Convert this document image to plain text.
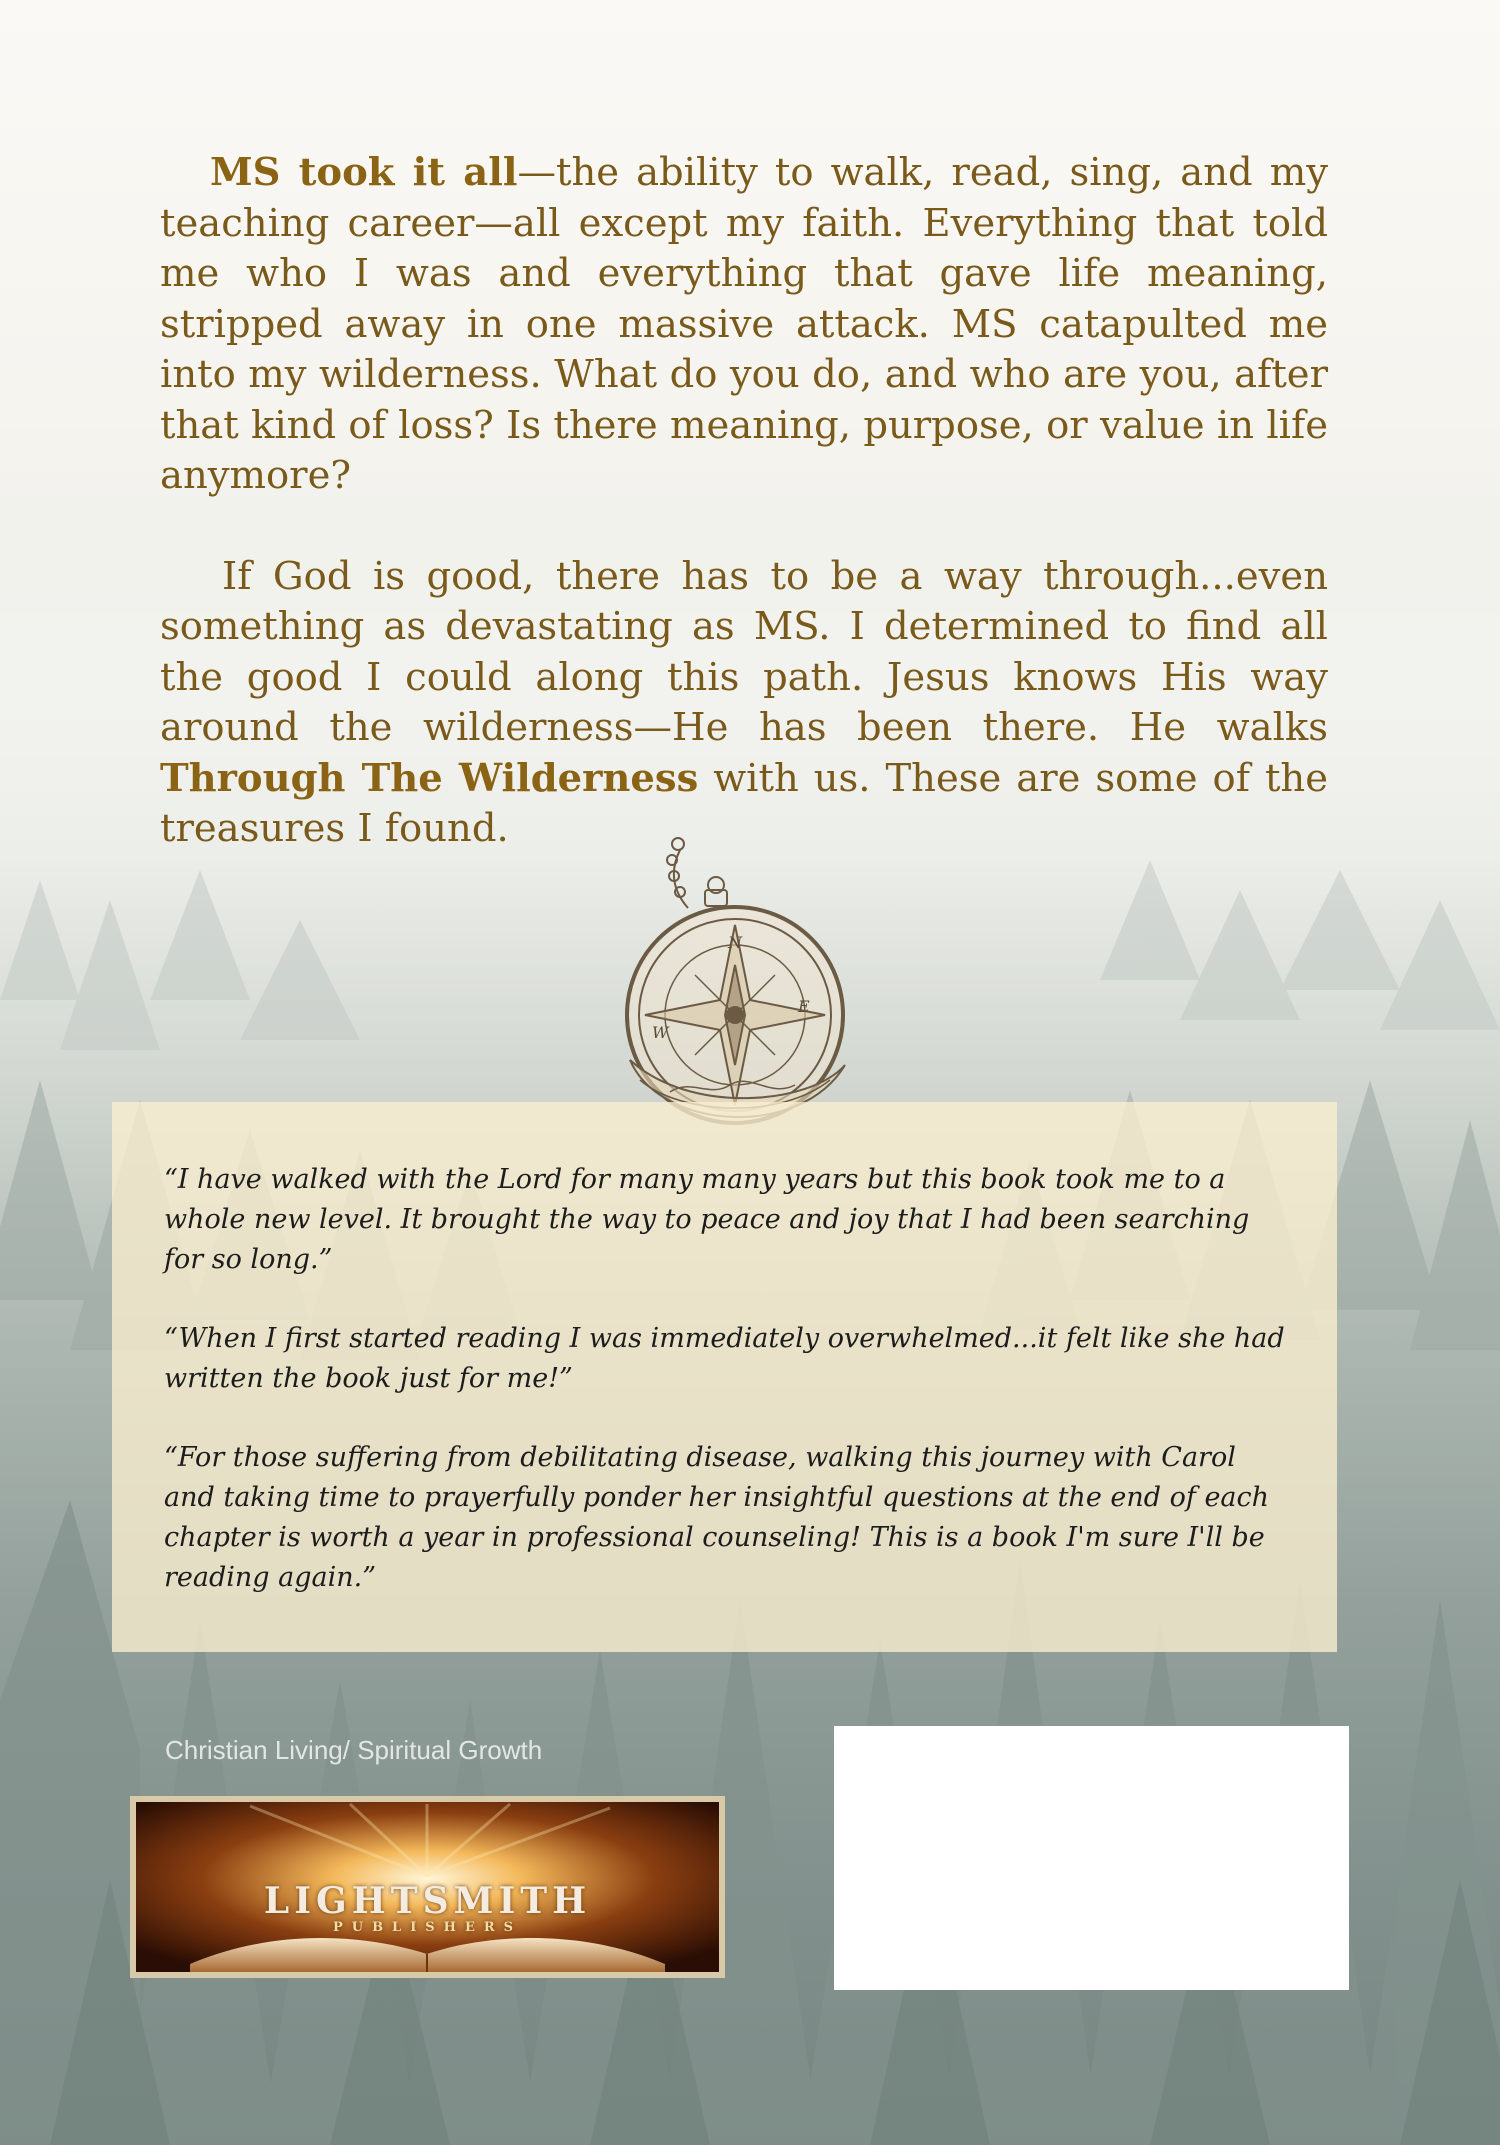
MS took it all—the ability to walk, read, sing, and my teaching career—all except my faith. Everything that told me who I was and everything that gave life meaning, stripped away in one massive attack. MS catapulted me into my wilderness. What do you do, and who are you, after that kind of loss? Is there meaning, purpose, or value in life anymore?

If God is good, there has to be a way through...even something as devastating as MS. I determined to find all the good I could along this path. Jesus knows His way around the wilderness—He has been there. He walks Through The Wilderness with us. These are some of the treasures I found.

N
E
W

“I have walked with the Lord for many many years but this book took me to a whole new level. It brought the way to peace and joy that I had been searching for so long.”

“When I first started reading I was immediately overwhelmed...it felt like she had written the book just for me!”

“For those suffering from debilitating disease, walking this journey with Carol and taking time to prayerfully ponder her insightful questions at the end of each chapter is worth a year in professional counseling! This is a book I'm sure I'll be reading again.”

Christian Living/ Spiritual Growth
LIGHTSMITH
PUBLISHERS
